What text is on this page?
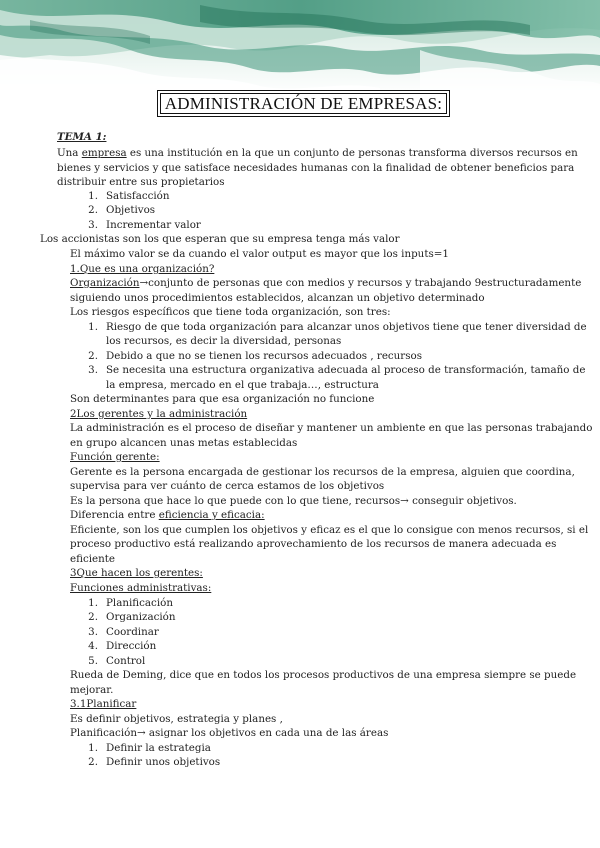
ADMINISTRACIÓN DE EMPRESAS:
TEMA 1:
Una empresa es una institución en la que un conjunto de personas transforma diversos recursos en
bienes y servicios y que satisface necesidades humanas con la finalidad de obtener beneficios para
distribuir entre sus propietarios
1. Satisfacción
2. Objetivos
3. Incrementar valor
Los accionistas son los que esperan que su empresa tenga más valor
El máximo valor se da cuando el valor output es mayor que los inputs=1
1.Que es una organización?
Organización→conjunto de personas que con medios y recursos y trabajando 9estructuradamente
siguiendo unos procedimientos establecidos, alcanzan un objetivo determinado
Los riesgos específicos que tiene toda organización, son tres:
1. Riesgo de que toda organización para alcanzar unos objetivos tiene que tener diversidad de
los recursos, es decir la diversidad, personas
2. Debido a que no se tienen los recursos adecuados , recursos
3. Se necesita una estructura organizativa adecuada al proceso de transformación, tamaño de
la empresa, mercado en el que trabaja…, estructura
Son determinantes para que esa organización no funcione
2Los gerentes y la administración
La administración es el proceso de diseñar y mantener un ambiente en que las personas trabajando
en grupo alcancen unas metas establecidas
Función gerente:
Gerente es la persona encargada de gestionar los recursos de la empresa, alguien que coordina,
supervisa para ver cuánto de cerca estamos de los objetivos
Es la persona que hace lo que puede con lo que tiene, recursos→ conseguir objetivos.
Diferencia entre eficiencia y eficacia:
Eficiente, son los que cumplen los objetivos y eficaz es el que lo consigue con menos recursos, si el
proceso productivo está realizando aprovechamiento de los recursos de manera adecuada es
eficiente
3Que hacen los gerentes:
Funciones administrativas:
1. Planificación
2. Organización
3. Coordinar
4. Dirección
5. Control
Rueda de Deming, dice que en todos los procesos productivos de una empresa siempre se puede
mejorar.
3.1Planificar
Es definir objetivos, estrategia y planes ,
Planificación→ asignar los objetivos en cada una de las áreas
1. Definir la estrategia
2. Definir unos objetivos
